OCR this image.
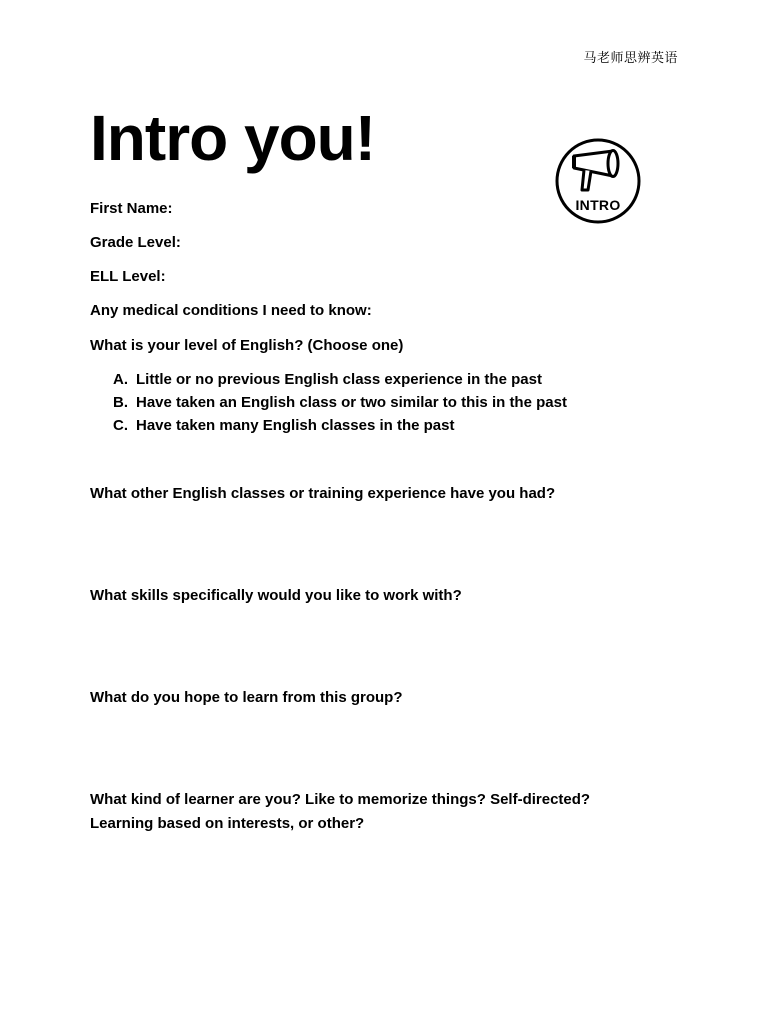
马老师思辨英语
Intro you!
INTRO

First Name:

Grade Level:

ELL Level:

Any medical conditions I need to know:

What is your level of English? (Choose one)

A. Little or no previous English class experience in the past
B. Have taken an English class or two similar to this in the past
C. Have taken many English classes in the past

What other English classes or training experience have you had?

What skills specifically would you like to work with?

What do you hope to learn from this group?

What kind of learner are you? Like to memorize things? Self-directed?

Learning based on interests, or other?
